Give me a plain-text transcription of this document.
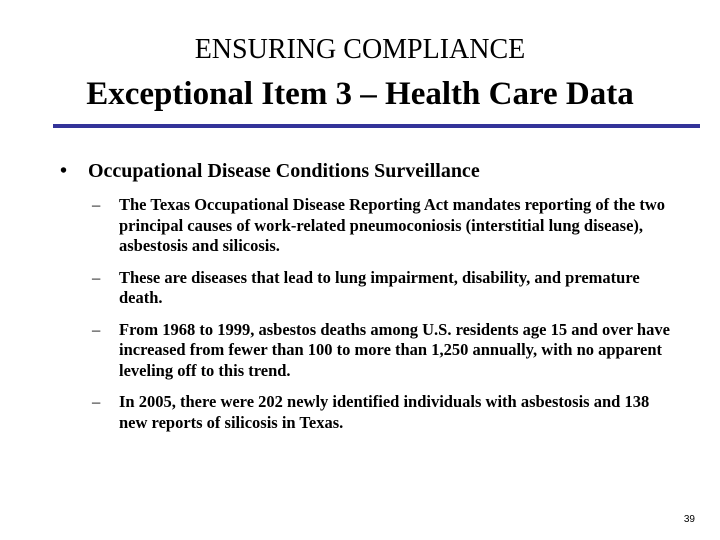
ENSURING COMPLIANCE
Exceptional Item 3 – Health Care Data
• Occupational Disease Conditions Surveillance
– The Texas Occupational Disease Reporting Act mandates reporting of the two principal causes of work-related pneumoconiosis (interstitial lung disease), asbestosis and silicosis.
– These are diseases that lead to lung impairment, disability, and premature death.
– From 1968 to 1999, asbestos deaths among U.S. residents age 15 and over have increased from fewer than 100 to more than 1,250 annually, with no apparent leveling off to this trend.
– In 2005, there were 202 newly identified individuals with asbestosis and 138 new reports of silicosis in Texas.
39
